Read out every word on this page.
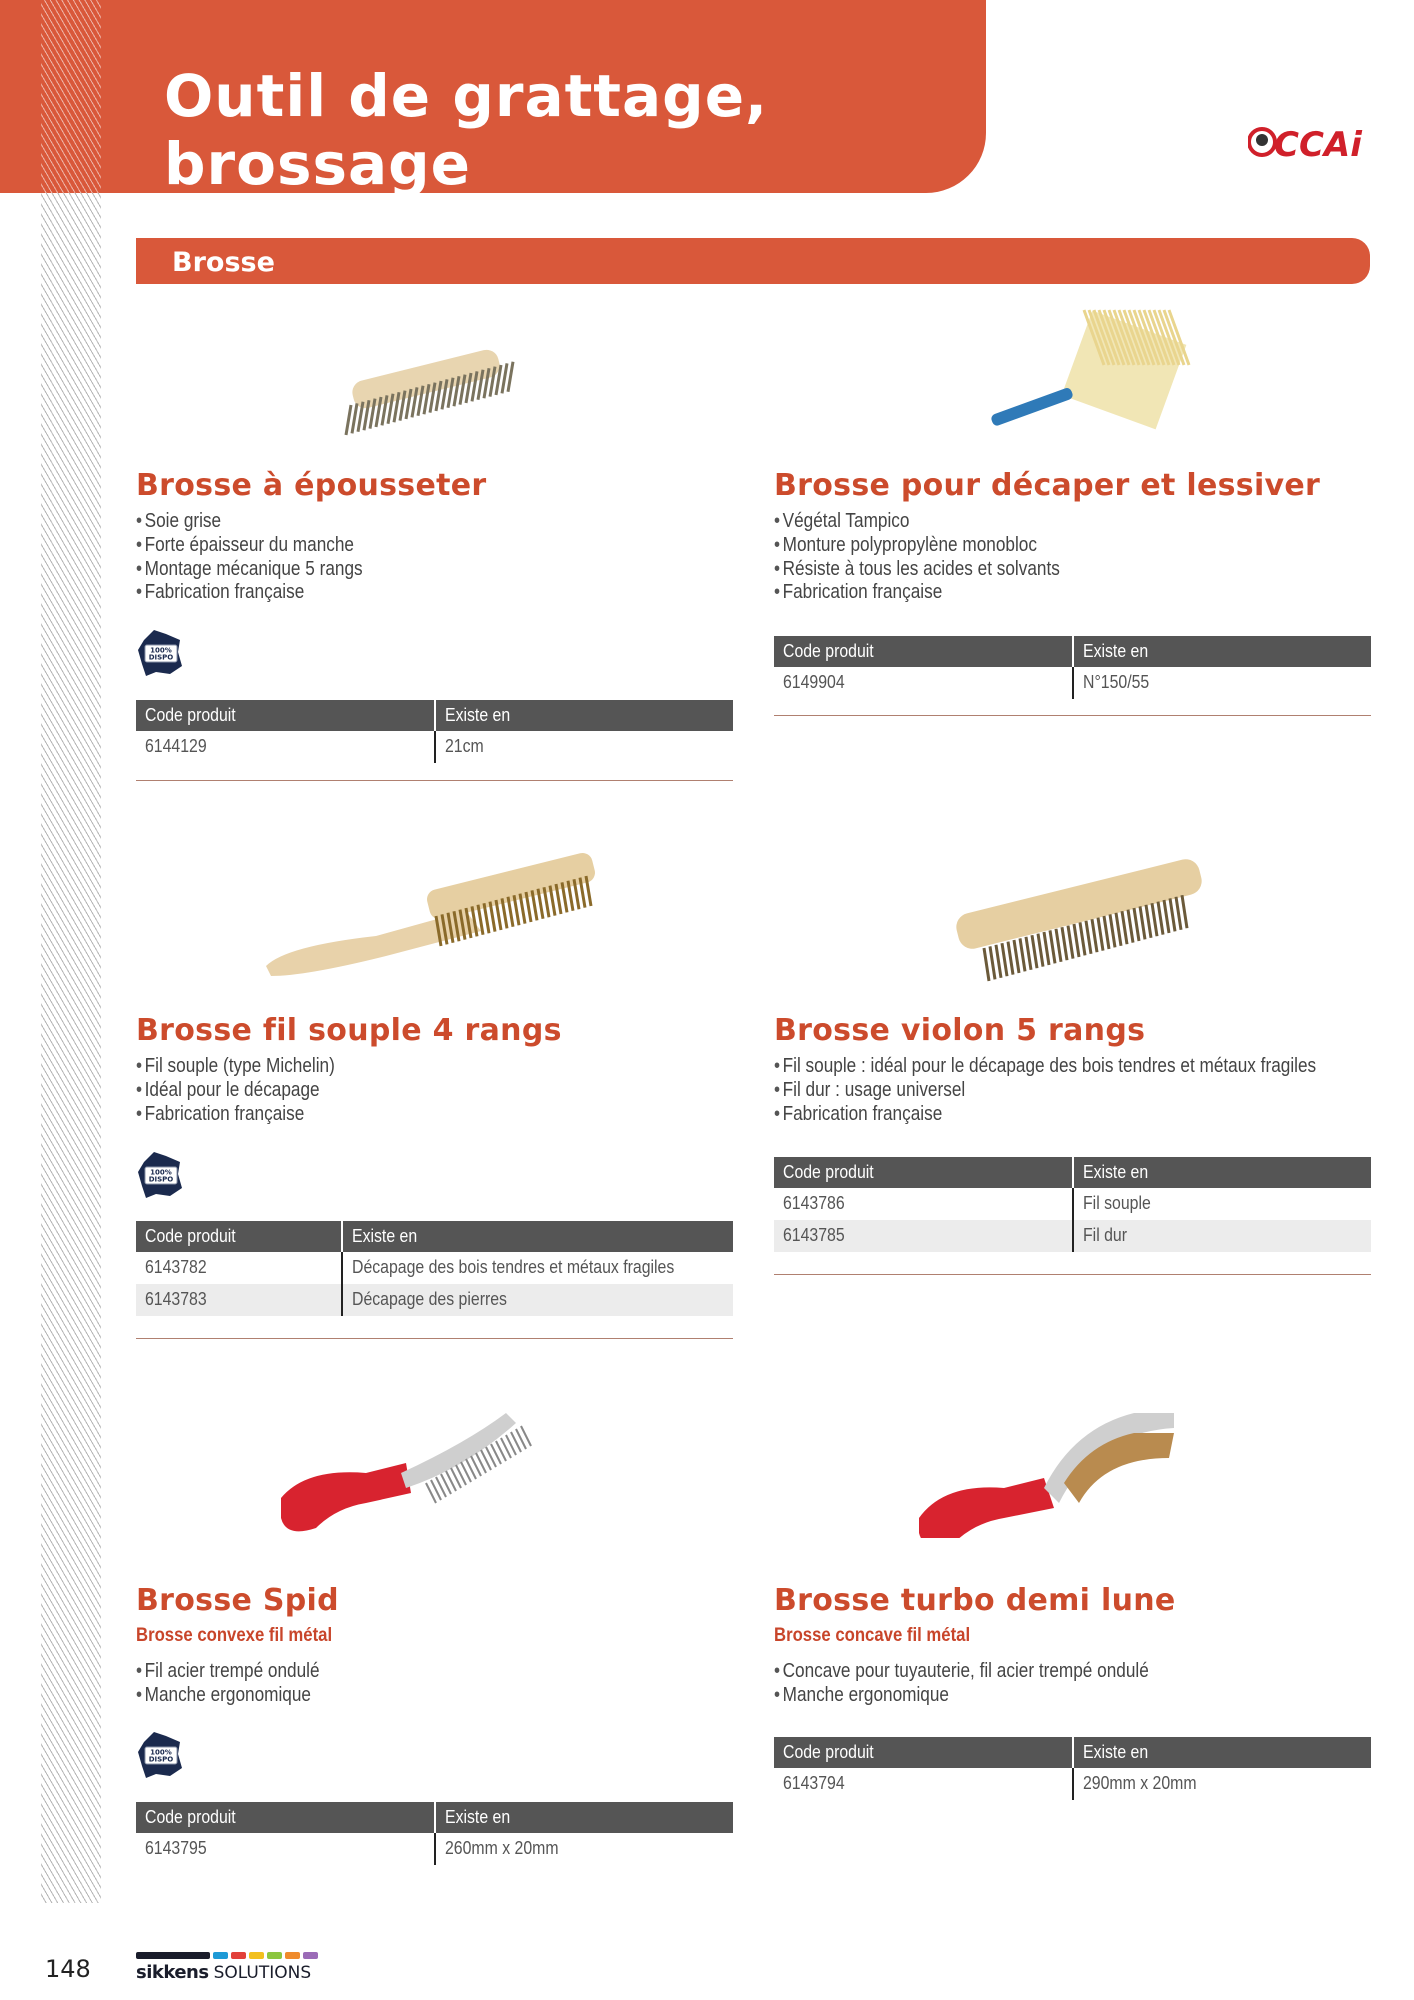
Outil de grattage, brossage	CCAi
Brosse
Brosse à épousseter
• Soie grise
• Forte épaisseur du manche
• Montage mécanique 5 rangs
• Fabrication française
100%
DISPO
Code produit	Existe en
6144129	21cm
Brosse pour décaper et lessiver
• Végétal Tampico
• Monture polypropylène monobloc
• Résiste à tous les acides et solvants
• Fabrication française
Code produit	Existe en
6149904	N°150/55
Brosse fil souple 4 rangs
• Fil souple (type Michelin)
• Idéal pour le décapage
• Fabrication française
100%
DISPO
Code produit	Existe en
6143782	Décapage des bois tendres et métaux fragiles
6143783	Décapage des pierres
Brosse violon 5 rangs
• Fil souple : idéal pour le décapage des bois tendres et métaux fragiles
• Fil dur : usage universel
• Fabrication française
Code produit	Existe en
6143786	Fil souple
6143785	Fil dur
Brosse Spid
Brosse convexe fil métal
• Fil acier trempé ondulé
• Manche ergonomique
100%
DISPO
Code produit	Existe en
6143795	260mm x 20mm
Brosse turbo demi lune
Brosse concave fil métal
• Concave pour tuyauterie, fil acier trempé ondulé
• Manche ergonomique
Code produit	Existe en
6143794	290mm x 20mm
148	sikkens SOLUTIONS
